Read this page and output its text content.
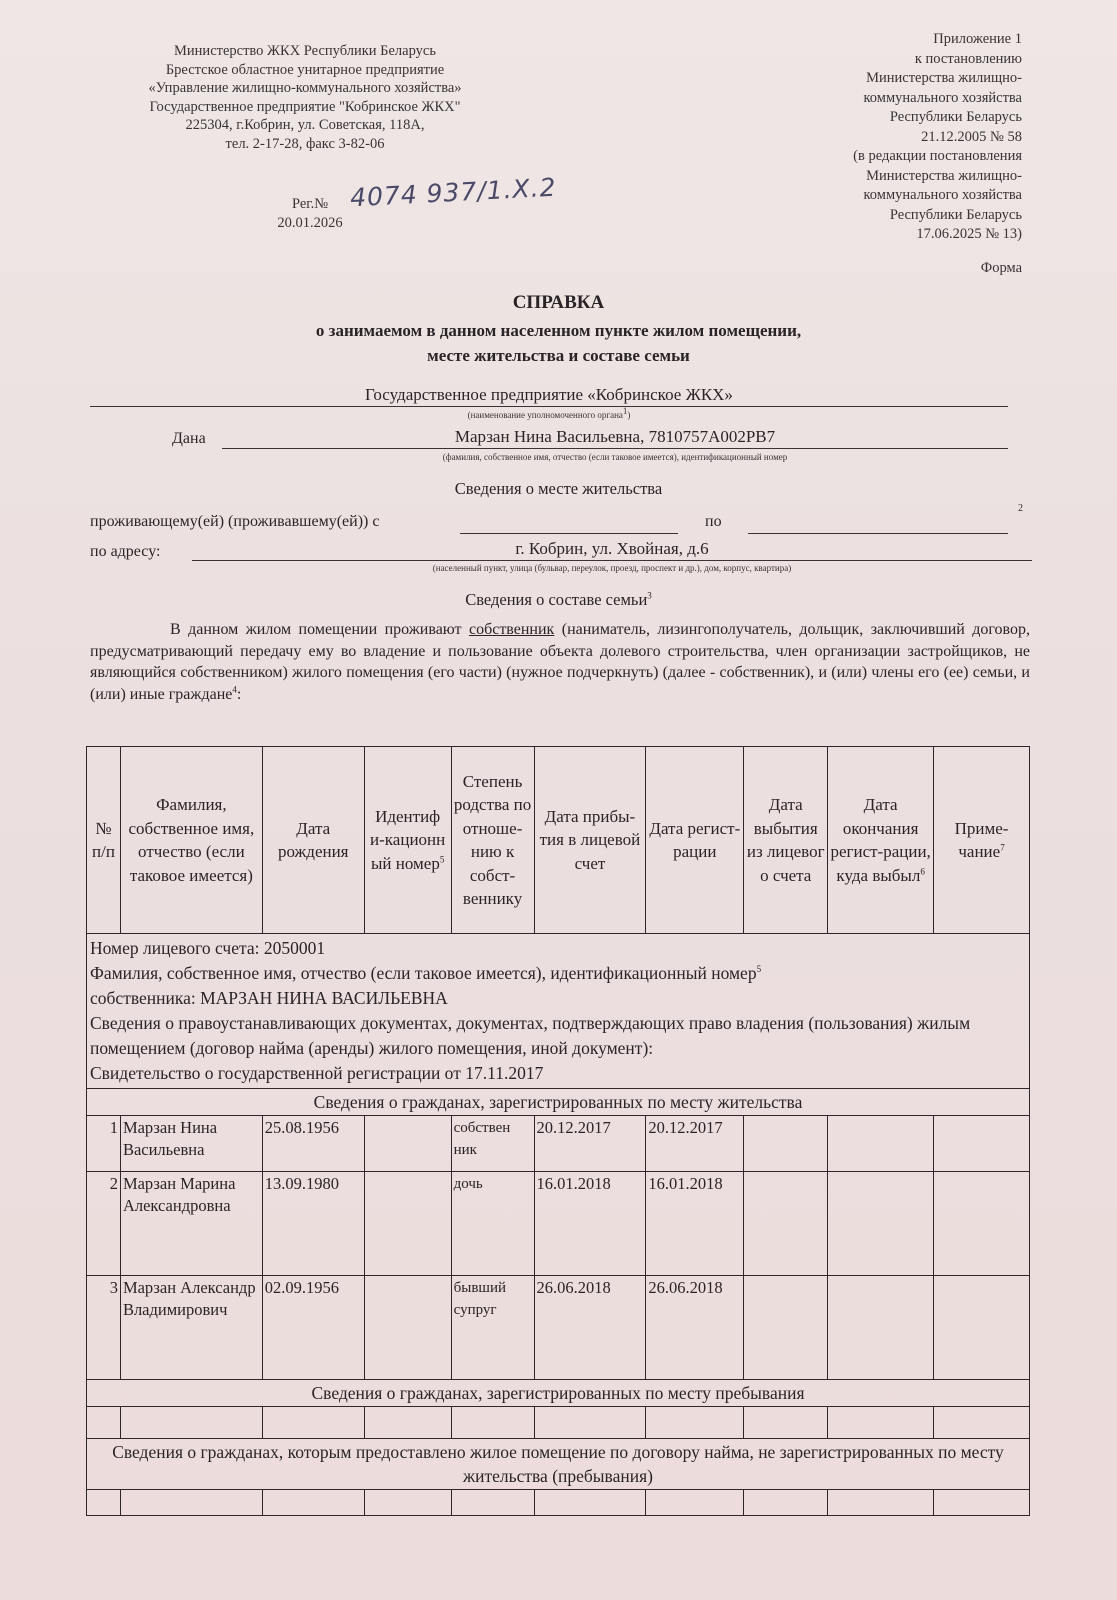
Министерство ЖКХ Республики Беларусь
Брестское областное унитарное предприятие
«Управление жилищно-коммунального хозяйства»
Государственное предприятие "Кобринское ЖКХ"
225304, г.Кобрин, ул. Советская, 118А,
тел. 2-17-28, факс 3-82-06
Рег.№
20.01.2026
4074 937/1.Х.2
Приложение 1
к постановлению
Министерства жилищно-
коммунального хозяйства
Республики Беларусь
21.12.2005 № 58
(в редакции постановления
Министерства жилищно-
коммунального хозяйства
Республики Беларусь
17.06.2025 № 13)
Форма
СПРАВКА
о занимаемом в данном населенном пункте жилом помещении,
месте жительства и составе семьи
Государственное предприятие «Кобринское ЖКХ»
(наименование уполномоченного органа$^1$)
Дана	Марзан Нина Васильевна, 7810757А002РВ7
(фамилия, собственное имя, отчество (если таковое имеется), идентификационный номер
Сведения о месте жительства
проживающему(ей) (проживавшему(ей)) с	по
2
по адресу:	г. Кобрин, ул. Хвойная, д.6
(населенный пункт, улица (бульвар, переулок, проезд, проспект и др.), дом, корпус, квартира)
Сведения о составе семьи$^3$
В данном жилом помещении проживают собственник (наниматель, лизингополучатель, дольщик, заключивший договор, предусматривающий передачу ему во владение и пользование объекта долевого строительства, член организации застройщиков, не являющийся собственником) жилого помещения (его части) (нужное подчеркнуть) (далее - собственник), и (или) члены его (ее) семьи, и (или) иные граждане$^4$:
№ п/п	Фамилия, собственное имя, отчество (если таковое имеется)	Дата рождения	Идентиф и-кационн ый номер$^5$	Степень родства по отноше-нию к собст-веннику	Дата прибы-тия в лицевой счет	Дата регист-рации	Дата выбытия из лицевог о счета	Дата окончания регист-рации, куда выбыл$^6$	Приме-чание$^7$

Номер лицевого счета: 2050001
Фамилия, собственное имя, отчество (если таковое имеется), идентификационный номер$^5$
собственника: МАРЗАН НИНА ВАСИЛЬЕВНА
Сведения о правоустанавливающих документах, документах, подтверждающих право владения (пользования) жилым помещением (договор найма (аренды) жилого помещения, иной документ):
Свидетельство о государственной регистрации от 17.11.2017									

Сведения о гражданах, зарегистрированных по месту жительства									
1	Марзан Нина Васильевна	25.08.1956		собствен ник	20.12.2017	20.12.2017			
2	Марзан Марина Александровна	13.09.1980		дочь	16.01.2018	16.01.2018			
3	Марзан Александр Владимирович	02.09.1956		бывший супруг	26.06.2018	26.06.2018			
Сведения о гражданах, зарегистрированных по месту пребывания									

Сведения о гражданах, которым предоставлено жилое помещение по договору найма, не зарегистрированных по месту жительства (пребывания)									
